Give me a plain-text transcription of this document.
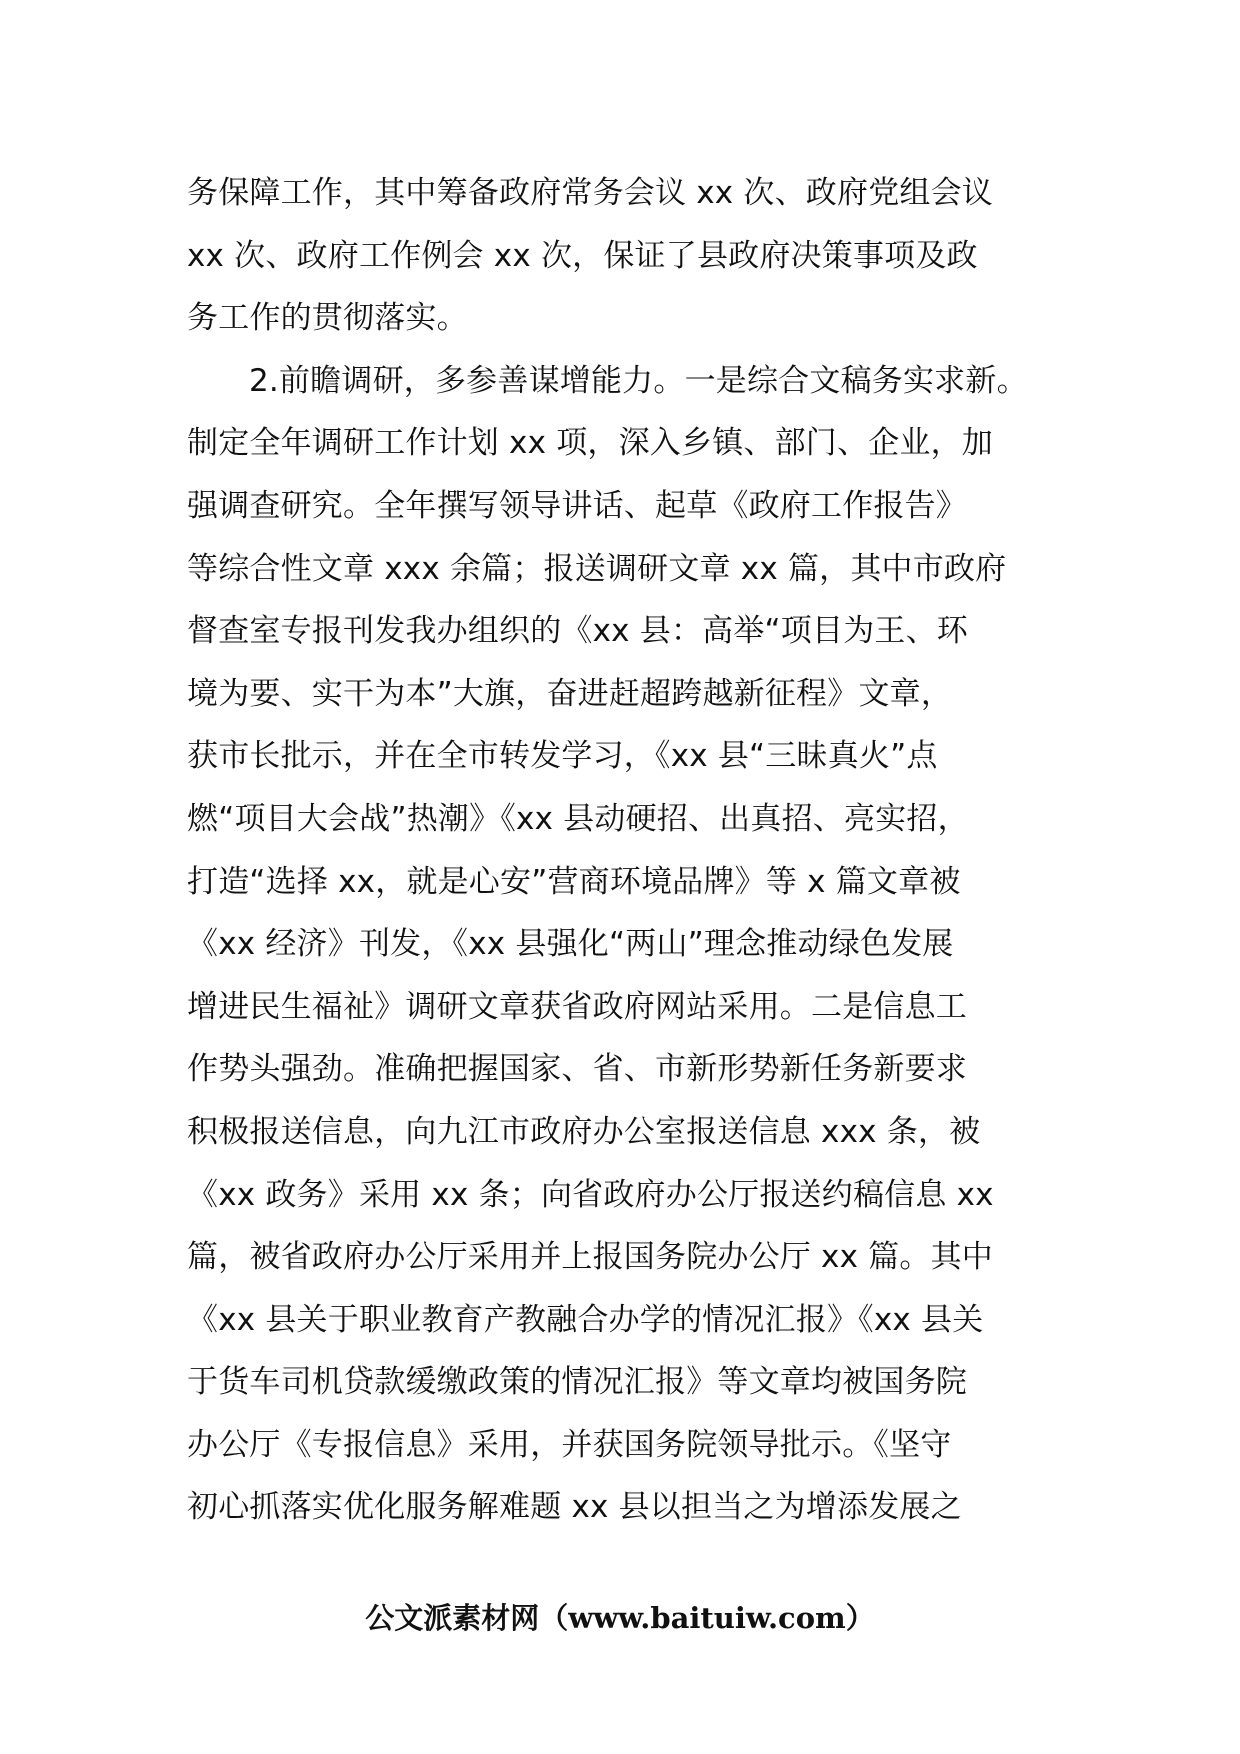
务保障工作，其中筹备政府常务会议 xx 次、政府党组会议
xx 次、政府工作例会 xx 次，保证了县政府决策事项及政
务工作的贯彻落实。
2.前瞻调研，多参善谋增能力。一是综合文稿务实求新。
制定全年调研工作计划 xx 项，深入乡镇、部门、企业，加
强调查研究。全年撰写领导讲话、起草《政府工作报告》
等综合性文章 xxx 余篇；报送调研文章 xx 篇，其中市政府
督查室专报刊发我办组织的《xx 县：高举“项目为王、环
境为要、实干为本”大旗，奋进赶超跨越新征程》文章，
获市长批示，并在全市转发学习，《xx 县“三昧真火”点
燃“项目大会战”热潮》《xx 县动硬招、出真招、亮实招，
打造“选择 xx，就是心安”营商环境品牌》等 x 篇文章被
《xx 经济》刊发，《xx 县强化“两山”理念推动绿色发展
增进民生福祉》调研文章获省政府网站采用。二是信息工
作势头强劲。准确把握国家、省、市新形势新任务新要求
积极报送信息，向九江市政府办公室报送信息 xxx 条，被
《xx 政务》采用 xx 条；向省政府办公厅报送约稿信息 xx
篇，被省政府办公厅采用并上报国务院办公厅 xx 篇。其中
《xx 县关于职业教育产教融合办学的情况汇报》《xx 县关
于货车司机贷款缓缴政策的情况汇报》等文章均被国务院
办公厅《专报信息》采用，并获国务院领导批示。《坚守
初心抓落实优化服务解难题 xx 县以担当之为增添发展之
公文派素材网（www.baituiw.com）
